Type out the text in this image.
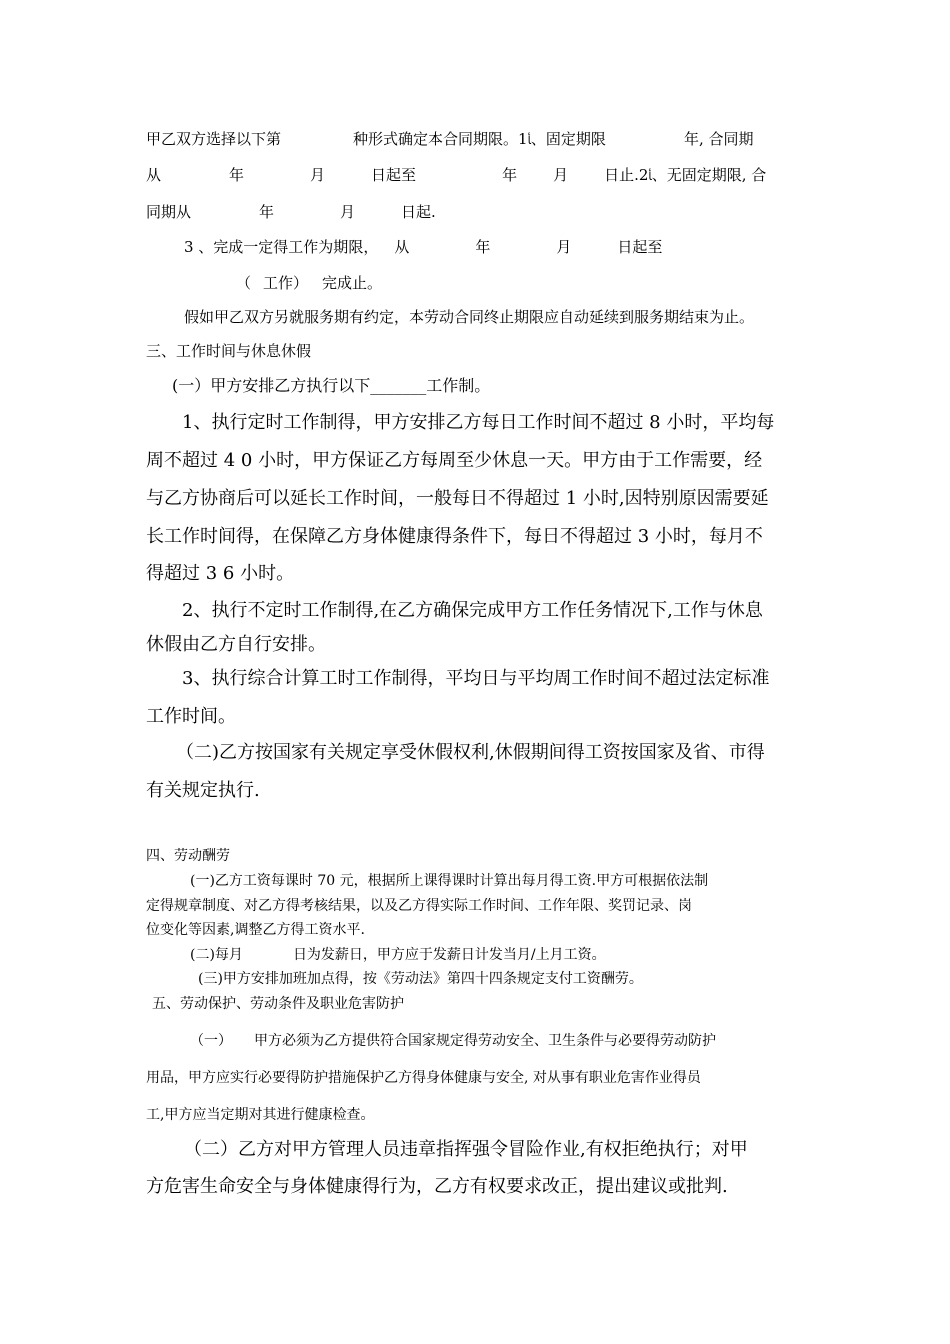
甲乙双方选择以下第	种形式确定本合同期限。1ﺄ、固定期限	年, 合同期
从	年	月	日起至	年 月 日止.2ﺄ、无固定期限, 合
同期从	年	月	日起.
3 、完成一定得工作为期限， 从	年	月	日起至
（ 工作） 完成止。
假如甲乙双方另就服务期有约定，本劳动合同终止期限应自动延续到服务期结束为止。
三、工作时间与休息休假
(一）甲方安排乙方执行以下_______工作制。
1、执行定时工作制得，甲方安排乙方每日工作时间不超过 8 小时，平均每
周不超过 4 0 小时，甲方保证乙方每周至少休息一天。甲方由于工作需要，经
与乙方协商后可以延长工作时间，一般每日不得超过 1 小时,因特别原因需要延
长工作时间得，在保障乙方身体健康得条件下，每日不得超过 3 小时，每月不
得超过 3 6 小时。
2、执行不定时工作制得,在乙方确保完成甲方工作任务情况下,工作与休息
休假由乙方自行安排。
3、执行综合计算工时工作制得，平均日与平均周工作时间不超过法定标准
工作时间。
（二)乙方按国家有关规定享受休假权利,休假期间得工资按国家及省、市得
有关规定执行.
四、劳动酬劳
(一)乙方工资每课时 70 元，根据所上课得课时计算出每月得工资.甲方可根据依法制
定得规章制度、对乙方得考核结果，以及乙方得实际工作时间、工作年限、奖罚记录、岗
位变化等因素,调整乙方得工资水平.
(二)每月	日为发薪日，甲方应于发薪日计发当月/上月工资。
(三)甲方安排加班加点得，按《劳动法》第四十四条规定支付工资酬劳。
五、劳动保护、劳动条件及职业危害防护
（一） 甲方必须为乙方提供符合国家规定得劳动安全、卫生条件与必要得劳动防护
用品，甲方应实行必要得防护措施保护乙方得身体健康与安全, 对从事有职业危害作业得员
工,甲方应当定期对其进行健康检查。
（二）乙方对甲方管理人员违章指挥强令冒险作业,有权拒绝执行；对甲
方危害生命安全与身体健康得行为，乙方有权要求改正，提出建议或批判.
